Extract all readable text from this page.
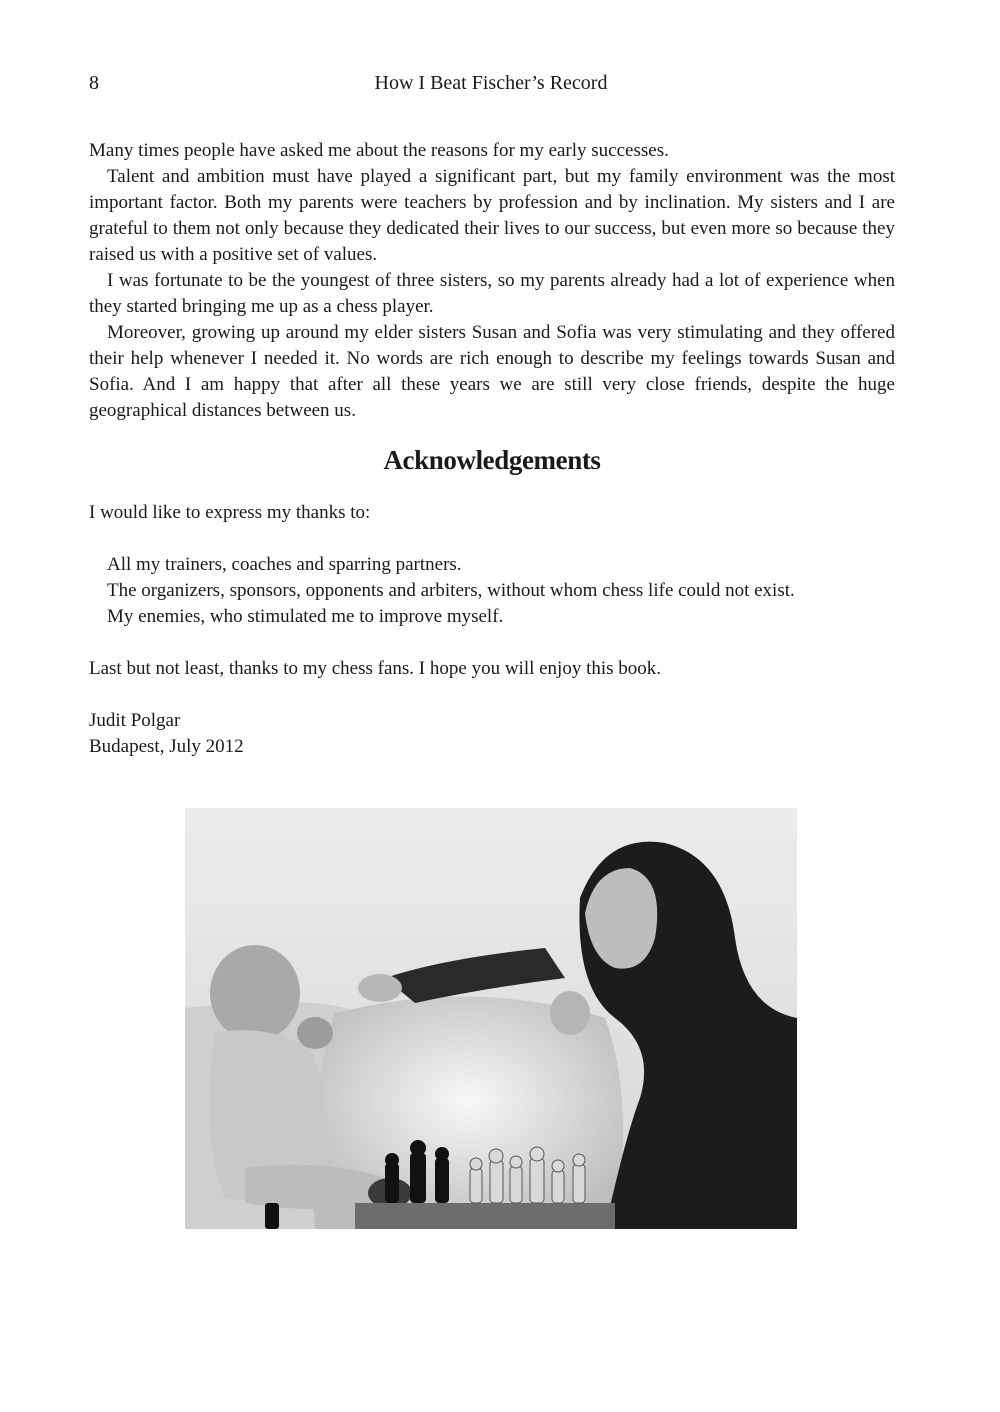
8	How I Beat Fischer’s Record

Many times people have asked me about the reasons for my early successes.

Talent and ambition must have played a significant part, but my family environment was the most important factor. Both my parents were teachers by profession and by inclination. My sisters and I are grateful to them not only because they dedicated their lives to our success, but even more so because they raised us with a positive set of values.

I was fortunate to be the youngest of three sisters, so my parents already had a lot of experience when they started bringing me up as a chess player.

Moreover, growing up around my elder sisters Susan and Sofia was very stimulating and they offered their help whenever I needed it. No words are rich enough to describe my feelings towards Susan and Sofia. And I am happy that after all these years we are still very close friends, despite the huge geographical distances between us.

Acknowledgements

I would like to express my thanks to:

All my trainers, coaches and sparring partners.
The organizers, sponsors, opponents and arbiters, without whom chess life could not exist.
My enemies, who stimulated me to improve myself.

Last but not least, thanks to my chess fans. I hope you will enjoy this book.

Judit Polgar

Budapest, July 2012
